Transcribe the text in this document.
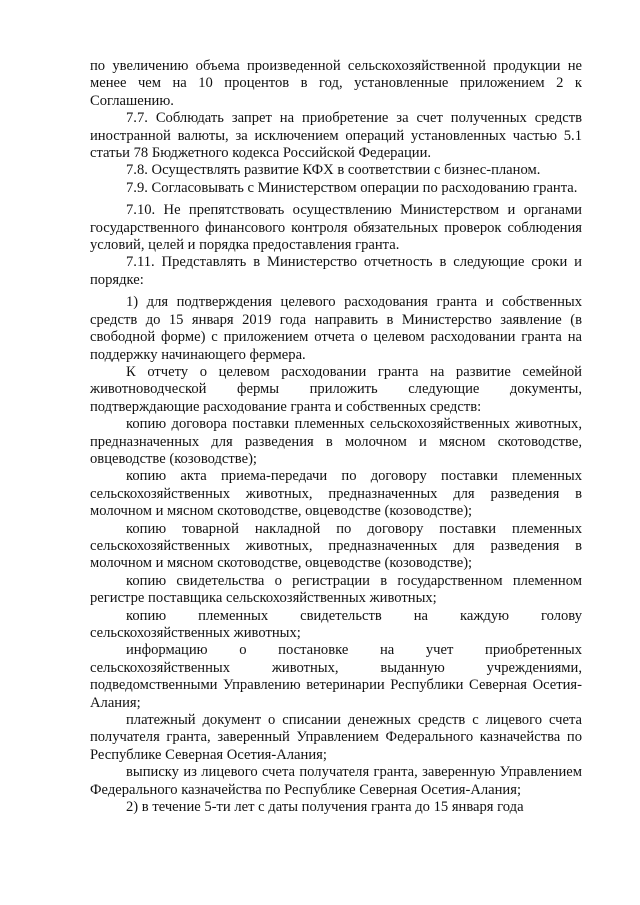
по увеличению объема произведенной сельскохозяйственной продукции не менее чем на 10 процентов в год, установленные приложением 2 к Соглашению.

7.7. Соблюдать запрет на приобретение за счет полученных средств иностранной валюты, за исключением операций установленных частью 5.1 статьи 78 Бюджетного кодекса Российской Федерации.

7.8. Осуществлять развитие КФХ в соответствии с бизнес-планом.

7.9. Согласовывать с Министерством операции по расходованию гранта.

7.10. Не препятствовать осуществлению Министерством и органами государственного финансового контроля обязательных проверок соблюдения условий, целей и порядка предоставления гранта.

7.11. Представлять в Министерство отчетность в следующие сроки и порядке:

1) для подтверждения целевого расходования гранта и собственных средств до 15 января 2019 года направить в Министерство заявление (в свободной форме) с приложением отчета о целевом расходовании гранта на поддержку начинающего фермера.

К отчету о целевом расходовании гранта на развитие семейной животноводческой фермы приложить следующие документы, подтверждающие расходование гранта и собственных средств:

копию договора поставки племенных сельскохозяйственных животных, предназначенных для разведения в молочном и мясном скотоводстве, овцеводстве (козоводстве);

копию акта приема-передачи по договору поставки племенных сельскохозяйственных животных, предназначенных для разведения в молочном и мясном скотоводстве, овцеводстве (козоводстве);

копию товарной накладной по договору поставки племенных сельскохозяйственных животных, предназначенных для разведения в молочном и мясном скотоводстве, овцеводстве (козоводстве);

копию свидетельства о регистрации в государственном племенном регистре поставщика сельскохозяйственных животных;

копию племенных свидетельств на каждую голову сельскохозяйственных животных;

информацию о постановке на учет приобретенных сельскохозяйственных животных, выданную учреждениями, подведомственными Управлению ветеринарии Республики Северная Осетия-Алания;

платежный документ о списании денежных средств с лицевого счета получателя гранта, заверенный Управлением Федерального казначейства по Республике Северная Осетия-Алания;

выписку из лицевого счета получателя гранта, заверенную Управлением Федерального казначейства по Республике Северная Осетия-Алания;

2) в течение 5-ти лет с даты получения гранта до 15 января года
